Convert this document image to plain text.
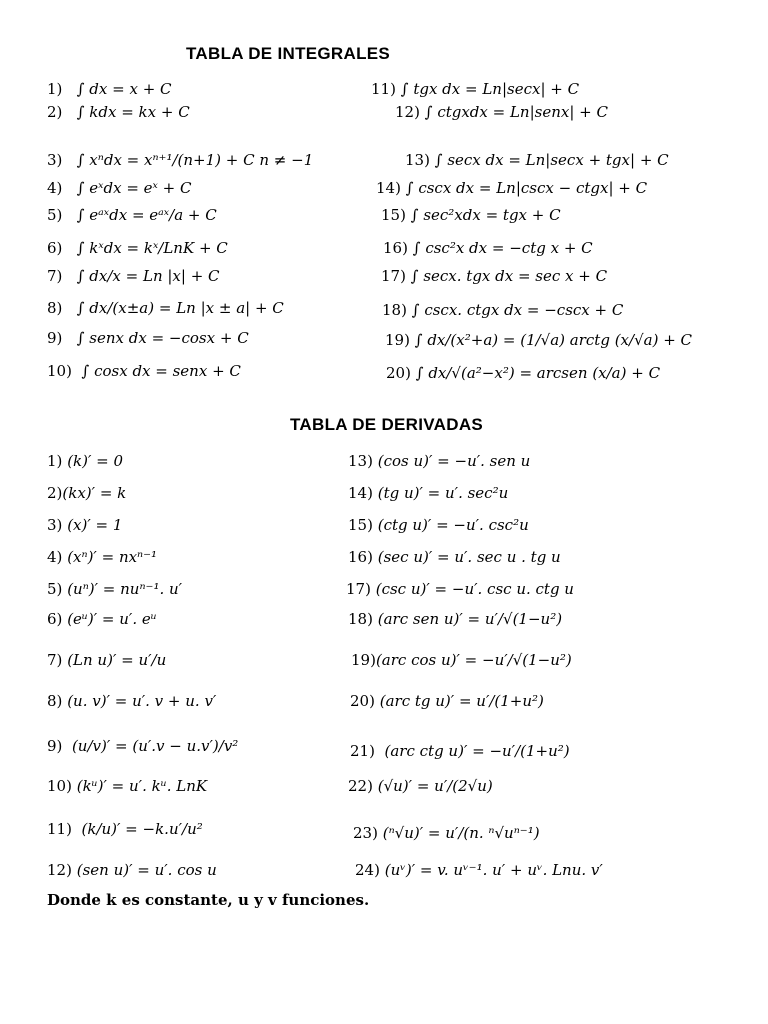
TABLA DE INTEGRALES
1) ∫ dx = x + C
2) ∫ kdx = kx + C
3) ∫ xⁿdx = xⁿ⁺¹/(n+1) + C n ≠ −1
4) ∫ eˣdx = eˣ + C
5) ∫ eᵃˣdx = eᵃˣ/a + C
6) ∫ kˣdx = kˣ/LnK + C
7) ∫ dx/x = Ln |x| + C
8) ∫ dx/(x±a) = Ln |x ± a| + C
9) ∫ senx dx = −cosx + C
10) ∫ cosx dx = senx + C
11) ∫ tgx dx = Ln|secx| + C
12) ∫ ctgxdx = Ln|senx| + C
13) ∫ secx dx = Ln|secx + tgx| + C
14) ∫ cscx dx = Ln|cscx − ctgx| + C
15) ∫ sec²xdx = tgx + C
16) ∫ csc²x dx = −ctg x + C
17) ∫ secx. tgx dx = sec x + C
18) ∫ cscx. ctgx dx = −cscx + C
19) ∫ dx/(x²+a) = (1/√a) arctg (x/√a) + C
20) ∫ dx/√(a²−x²) = arcsen (x/a) + C
TABLA DE DERIVADAS
1) (k)′ = 0
2)(kx)′ = k
3) (x)′ = 1
4) (xⁿ)′ = nxⁿ⁻¹
5) (uⁿ)′ = nuⁿ⁻¹. u′
6) (eᵘ)′ = u′. eᵘ
7) (Ln u)′ = u′/u
8) (u. v)′ = u′. v + u. v′
9) (u/v)′ = (u′.v − u.v′)/v²
10) (kᵘ)′ = u′. kᵘ. LnK
11) (k/u)′ = −k.u′/u²
12) (sen u)′ = u′. cos u
13) (cos u)′ = −u′. sen u
14) (tg u)′ = u′. sec²u
15) (ctg u)′ = −u′. csc²u
16) (sec u)′ = u′. sec u . tg u
17) (csc u)′ = −u′. csc u. ctg u
18) (arc sen u)′ = u′/√(1−u²)
19)(arc cos u)′ = −u′/√(1−u²)
20) (arc tg u)′ = u′/(1+u²)
21) (arc ctg u)′ = −u′/(1+u²)
22) (√u)′ = u′/(2√u)
23) (ⁿ√u)′ = u′/(n. ⁿ√uⁿ⁻¹)
24) (uᵛ)′ = v. uᵛ⁻¹. u′ + uᵛ. Lnu. v′
Donde k es constante, u y v funciones.
